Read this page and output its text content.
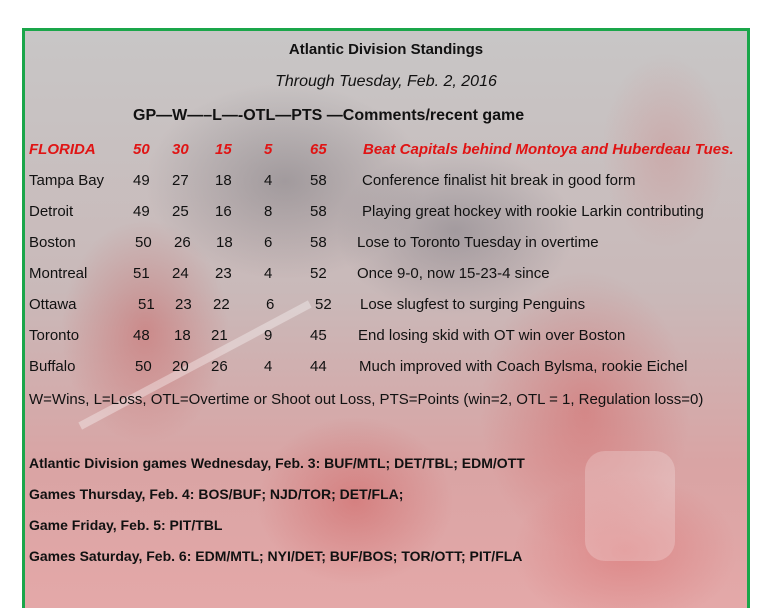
Atlantic Division Standings
Through Tuesday, Feb. 2, 2016
GP—W—–L—-OTL—PTS —Comments/recent game
FLORIDA 50 30 15 5	65 Beat Capitals behind Montoya and Huberdeau Tues.
Tampa Bay 49 27 18 4	58 Conference finalist hit break in good form
Detroit	49 25 16 8	58 Playing great hockey with rookie Larkin contributing
Boston	50 26 18 6	58 Lose to Toronto Tuesday in overtime
Montreal	51 24 23 4	52 Once 9-0, now 15-23-4 since
Ottawa	51 23 22 6	52 Lose slugfest to surging Penguins
Toronto	48 18 21 9	45 End losing skid with OT win over Boston
Buffalo	50 20 26 4	44 Much improved with Coach Bylsma, rookie Eichel
W=Wins, L=Loss, OTL=Overtime or Shoot out Loss, PTS=Points (win=2, OTL = 1, Regulation loss=0)
Atlantic Division games Wednesday, Feb. 3: BUF/MTL; DET/TBL; EDM/OTT
Games Thursday, Feb. 4: BOS/BUF; NJD/TOR; DET/FLA;
Game Friday, Feb. 5: PIT/TBL
Games Saturday, Feb. 6: EDM/MTL; NYI/DET; BUF/BOS; TOR/OTT; PIT/FLA
